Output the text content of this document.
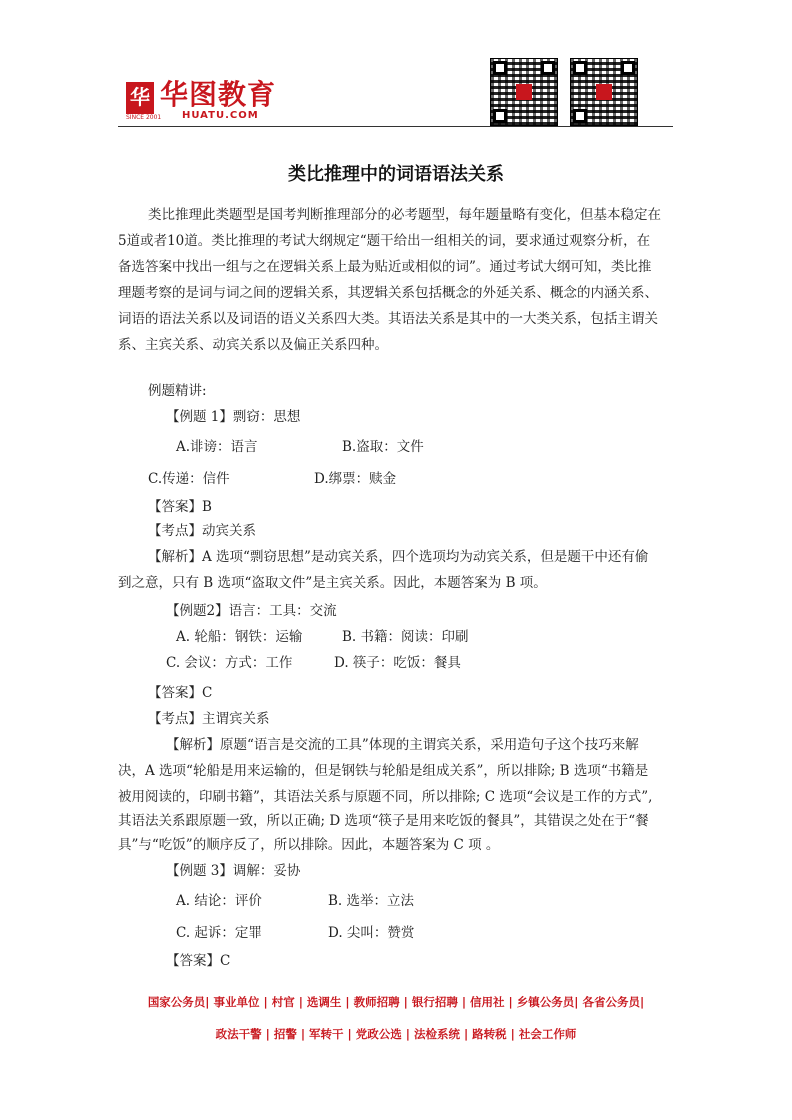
华
SINCE 2001
华图教育
HUATU.COM
类比推理中的词语语法关系
类比推理此类题型是国考判断推理部分的必考题型，每年题量略有变化，但基本稳定在
5道或者10道。类比推理的考试大纲规定“题干给出一组相关的词，要求通过观察分析，在
备选答案中找出一组与之在逻辑关系上最为贴近或相似的词”。通过考试大纲可知，类比推
理题考察的是词与词之间的逻辑关系，其逻辑关系包括概念的外延关系、概念的内涵关系、
词语的语法关系以及词语的语义关系四大类。其语法关系是其中的一大类关系，包括主谓关
系、主宾关系、动宾关系以及偏正关系四种。
例题精讲:
【例题 1】剽窃：思想
A.诽谤：语言	B.盗取：文件
C.传递：信件	D.绑票：赎金
【答案】B
【考点】动宾关系
【解析】A 选项“剽窃思想”是动宾关系，四个选项均为动宾关系，但是题干中还有偷
到之意，只有 B 选项“盗取文件”是主宾关系。因此，本题答案为 B 项。
【例题2】语言：工具：交流
A. 轮船：钢铁：运输	B. 书籍：阅读：印刷
C. 会议：方式：工作	D. 筷子：吃饭：餐具
【答案】C
【考点】主谓宾关系
【解析】原题“语言是交流的工具”体现的主谓宾关系，采用造句子这个技巧来解
决，A 选项“轮船是用来运输的，但是钢铁与轮船是组成关系”，所以排除; B 选项“书籍是
被用阅读的，印刷书籍”，其语法关系与原题不同，所以排除; C 选项“会议是工作的方式”,
其语法关系跟原题一致，所以正确; D 选项“筷子是用来吃饭的餐具”，其错误之处在于“餐
具”与“吃饭”的顺序反了，所以排除。因此，本题答案为 C 项 。
【例题 3】调解：妥协
A. 结论：评价	B. 选举：立法
C. 起诉：定罪	D. 尖叫：赞赏
【答案】C
国家公务员| 事业单位 | 村官 | 选调生 | 教师招聘 | 银行招聘 | 信用社 | 乡镇公务员| 各省公务员|
政法干警 | 招警 | 军转干 | 党政公选 | 法检系统 | 路转税 | 社会工作师
